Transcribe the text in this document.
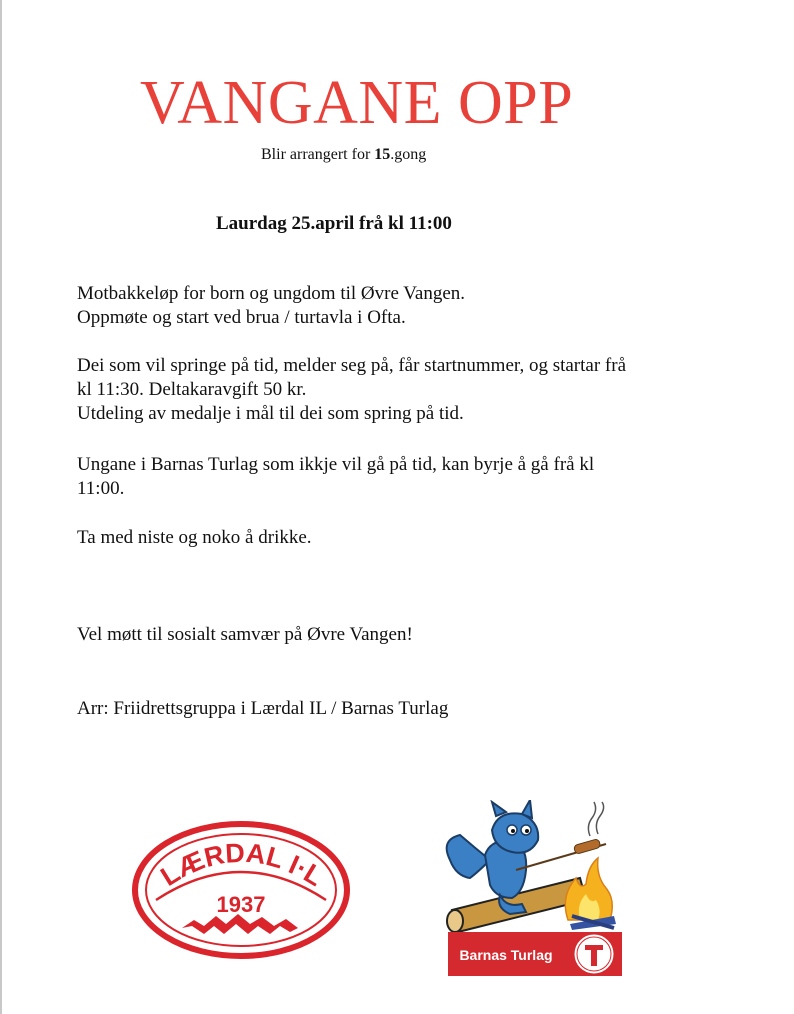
VANGANE OPP
Blir arrangert for 15.gong
Laurdag 25.april frå kl 11:00

Motbakkeløp for born og ungdom til Øvre Vangen.
Oppmøte og start ved brua / turtavla i Ofta.

Dei som vil springe på tid, melder seg på, får startnummer, og startar frå
kl 11:30. Deltakaravgift 50 kr.
Utdeling av medalje i mål til dei som spring på tid.

Ungane i Barnas Turlag som ikkje vil gå på tid, kan byrje å gå frå kl
11:00.

Ta med niste og noko å drikke.

Vel møtt til sosialt samvær på Øvre Vangen!

Arr: Friidrettsgruppa i Lærdal IL / Barnas Turlag

LÆRDAL I·L
1937
Barnas Turlag
